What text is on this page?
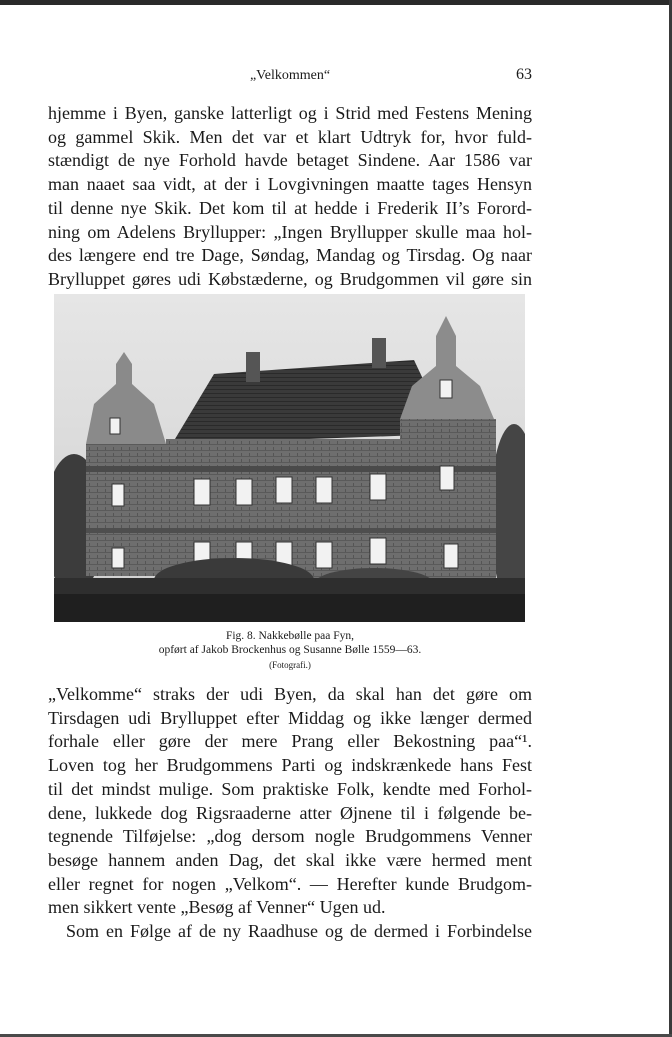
„Velkommen“	63

hjemme i Byen, ganske latterligt og i Strid med Festens Mening
og gammel Skik. Men det var et klart Udtryk for, hvor fuld-
stændigt de nye Forhold havde betaget Sindene. Aar 1586 var
man naaet saa vidt, at der i Lovgivningen maatte tages Hensyn
til denne nye Skik. Det kom til at hedde i Frederik II’s Forord-
ning om Adelens Bryllupper: „Ingen Bryllupper skulle maa hol-
des længere end tre Dage, Søndag, Mandag og Tirsdag. Og naar
Brylluppet gøres udi Købstæderne, og Brudgommen vil gøre sin

Fig. 8. Nakkebølle paa Fyn,

opført af Jakob Brockenhus og Susanne Bølle 1559—63.

(Fotografi.)

„Velkomme“ straks der udi Byen, da skal han det gøre om
Tirsdagen udi Brylluppet efter Middag og ikke længer dermed
forhale eller gøre der mere Prang eller Bekostning paa“¹.
Loven tog her Brudgommens Parti og indskrænkede hans Fest
til det mindst mulige. Som praktiske Folk, kendte med Forhol-
dene, lukkede dog Rigsraaderne atter Øjnene til i følgende be-
tegnende Tilføjelse: „dog dersom nogle Brudgommens Venner
besøge hannem anden Dag, det skal ikke være hermed ment
eller regnet for nogen „Velkom“. — Herefter kunde Brudgom-
men sikkert vente „Besøg af Venner“ Ugen ud.
Som en Følge af de ny Raadhuse og de dermed i Forbindelse
